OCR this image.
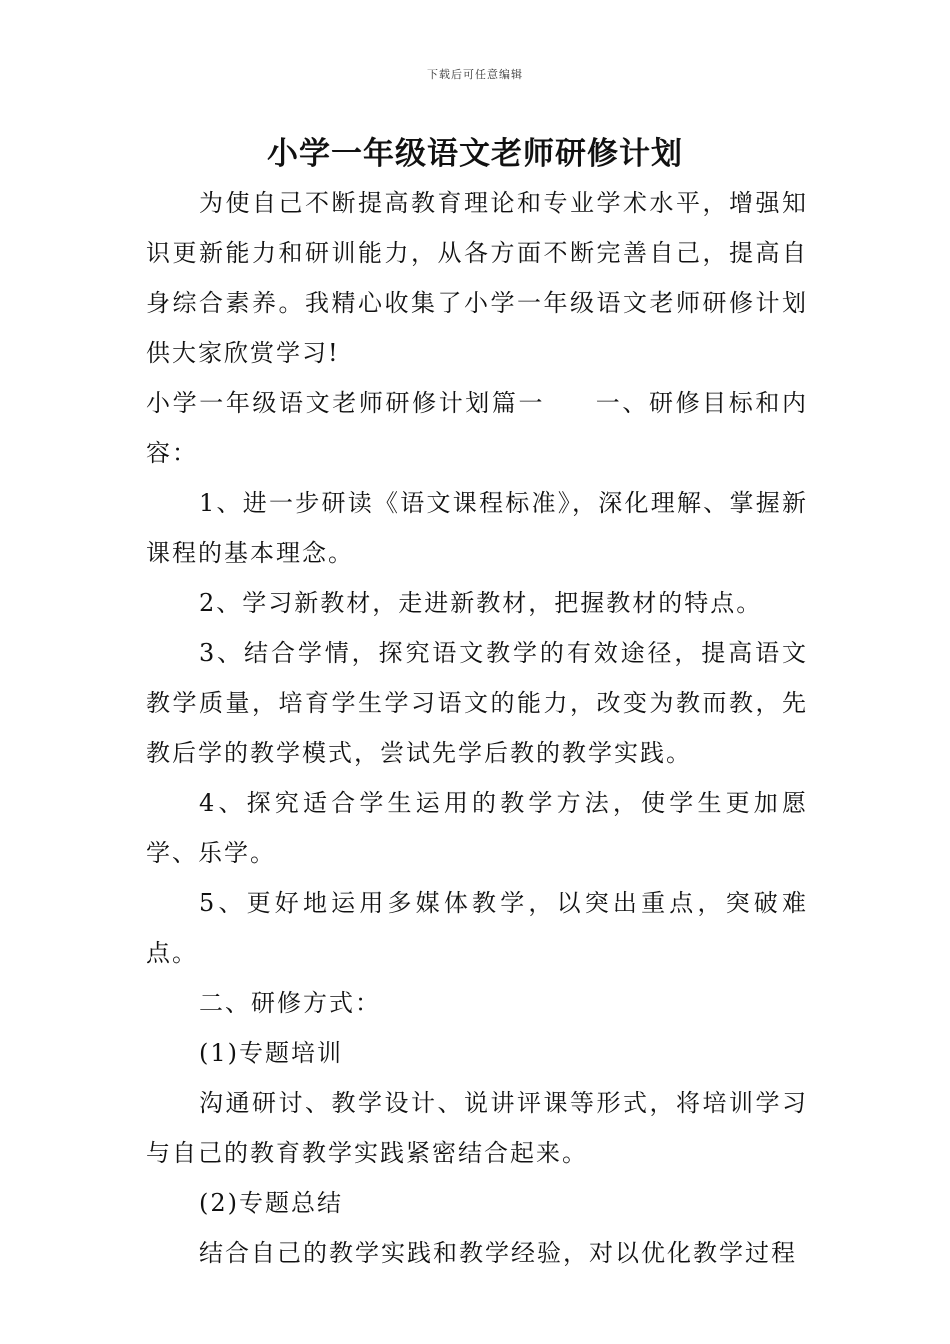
下载后可任意编辑
小学一年级语文老师研修计划

为使自己不断提高教育理论和专业学术水平，增强知识更新能力和研训能力，从各方面不断完善自己，提高自身综合素养。我精心收集了小学一年级语文老师研修计划供大家欣赏学习!

小学一年级语文老师研修计划篇一 一、研修目标和内容：

1、进一步研读《语文课程标准》，深化理解、掌握新课程的基本理念。

2、学习新教材，走进新教材，把握教材的特点。

3、结合学情，探究语文教学的有效途径，提高语文教学质量，培育学生学习语文的能力，改变为教而教，先教后学的教学模式，尝试先学后教的教学实践。

4、探究适合学生运用的教学方法，使学生更加愿学、乐学。

5、更好地运用多媒体教学，以突出重点，突破难点。

二、研修方式：

(1)专题培训

沟通研讨、教学设计、说讲评课等形式，将培训学习与自己的教育教学实践紧密结合起来。

(2)专题总结

结合自己的教学实践和教学经验，对以优化教学过程
